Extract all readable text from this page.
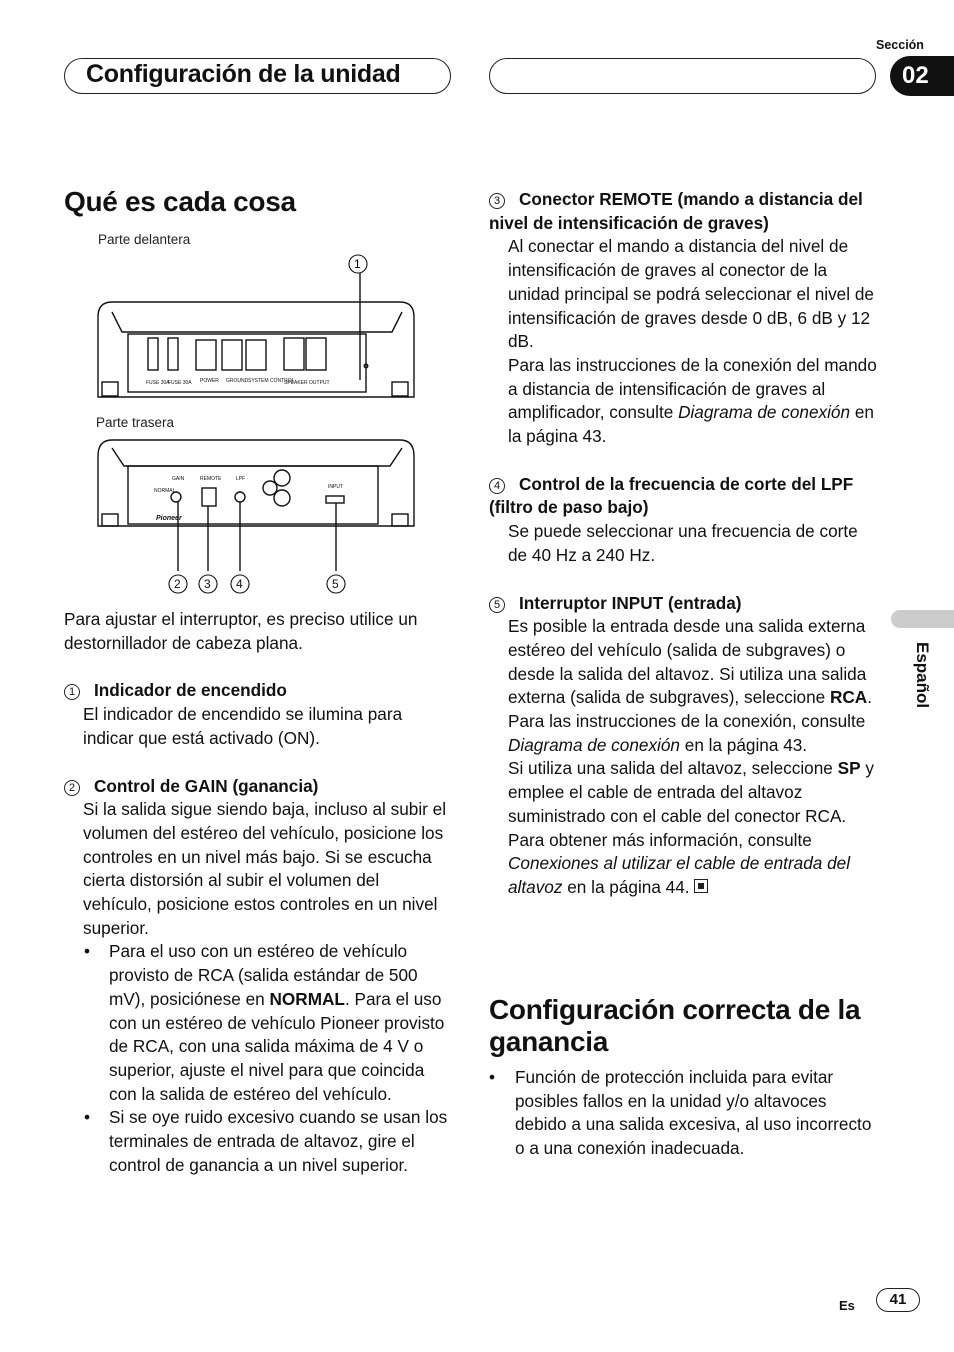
Configuración de la unidad
Sección
02
Español
Qué es cada cosa
Parte delantera
FUSE 30A
FUSE 30A POWER GROUND SYSTEM CONTROL
SPEAKER OUTPUT
1
Parte trasera
GAIN	REMOTE	LPF
INPUT
NORMAL
Pioneer
2 3 4	5

Para ajustar el interruptor, es preciso utilice un destornillador de cabeza plana.

1 Indicador de encendido

El indicador de encendido se ilumina para indicar que está activado (ON).

2 Control de GAIN (ganancia)

Si la salida sigue siendo baja, incluso al subir el volumen del estéreo del vehículo, posicione los controles en un nivel más bajo. Si se escucha cierta distorsión al subir el volumen del vehículo, posicione estos controles en un nivel superior.

• Para el uso con un estéreo de vehículo provisto de RCA (salida estándar de 500 mV), posiciónese en NORMAL. Para el uso con un estéreo de vehículo Pioneer provisto de RCA, con una salida máxima de 4 V o superior, ajuste el nivel para que coincida con la salida de estéreo del vehículo.

• Si se oye ruido excesivo cuando se usan los terminales de entrada de altavoz, gire el control de ganancia a un nivel superior.

3 Conector REMOTE (mando a distancia del nivel de intensificación de graves)

Al conectar el mando a distancia del nivel de intensificación de graves al conector de la unidad principal se podrá seleccionar el nivel de intensificación de graves desde 0 dB, 6 dB y 12 dB.

Para las instrucciones de la conexión del mando a distancia de intensificación de graves al amplificador, consulte Diagrama de conexión en la página 43.

4 Control de la frecuencia de corte del LPF (filtro de paso bajo)

Se puede seleccionar una frecuencia de corte de 40 Hz a 240 Hz.

5 Interruptor INPUT (entrada)

Es posible la entrada desde una salida externa estéreo del vehículo (salida de subgraves) o desde la salida del altavoz. Si utiliza una salida externa (salida de subgraves), seleccione RCA.

Para las instrucciones de la conexión, consulte Diagrama de conexión en la página 43.

Si utiliza una salida del altavoz, seleccione SP y emplee el cable de entrada del altavoz suministrado con el cable del conector RCA. Para obtener más información, consulte Conexiones al utilizar el cable de entrada del altavoz en la página 44.

Configuración correcta de la ganancia

• Función de protección incluida para evitar posibles fallos en la unidad y/o altavoces debido a una salida excesiva, al uso incorrecto o a una conexión inadecuada.

Es	41
